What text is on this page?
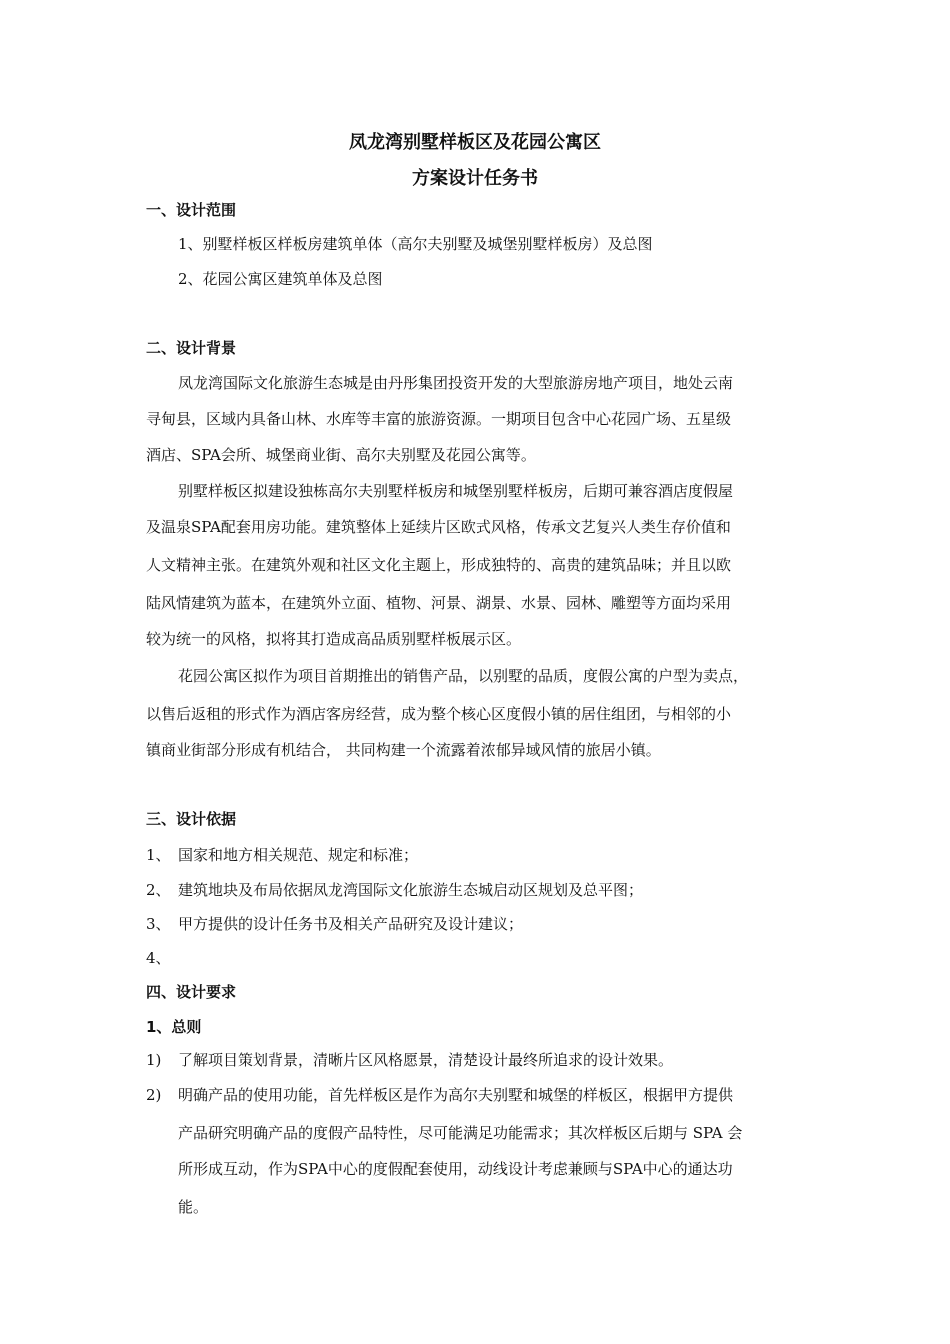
凤龙湾别墅样板区及花园公寓区
方案设计任务书
一、设计范围
1、别墅样板区样板房建筑单体（高尔夫别墅及城堡别墅样板房）及总图
2、花园公寓区建筑单体及总图
二、设计背景
凤龙湾国际文化旅游生态城是由丹彤集团投资开发的大型旅游房地产项目，地处云南
寻甸县，区域内具备山林、水库等丰富的旅游资源。一期项目包含中心花园广场、五星级
酒店、SPA会所、城堡商业街、高尔夫别墅及花园公寓等。
别墅样板区拟建设独栋高尔夫别墅样板房和城堡别墅样板房，后期可兼容酒店度假屋
及温泉SPA配套用房功能。建筑整体上延续片区欧式风格，传承文艺复兴人类生存价值和
人文精神主张。在建筑外观和社区文化主题上，形成独特的、高贵的建筑品味；并且以欧
陆风情建筑为蓝本，在建筑外立面、植物、河景、湖景、水景、园林、雕塑等方面均采用
较为统一的风格，拟将其打造成高品质别墅样板展示区。
花园公寓区拟作为项目首期推出的销售产品，以别墅的品质，度假公寓的户型为卖点，
以售后返租的形式作为酒店客房经营，成为整个核心区度假小镇的居住组团，与相邻的小
镇商业街部分形成有机结合， 共同构建一个流露着浓郁异域风情的旅居小镇。
三、设计依据
1、 国家和地方相关规范、规定和标准；
2、 建筑地块及布局依据凤龙湾国际文化旅游生态城启动区规划及总平图；
3、 甲方提供的设计任务书及相关产品研究及设计建议；
4、
四、设计要求
1、总则
1) 了解项目策划背景，清晰片区风格愿景，清楚设计最终所追求的设计效果。
2) 明确产品的使用功能，首先样板区是作为高尔夫别墅和城堡的样板区，根据甲方提供
产品研究明确产品的度假产品特性，尽可能满足功能需求；其次样板区后期与 SPA 会
所形成互动，作为SPA中心的度假配套使用，动线设计考虑兼顾与SPA中心的通达功
能。
